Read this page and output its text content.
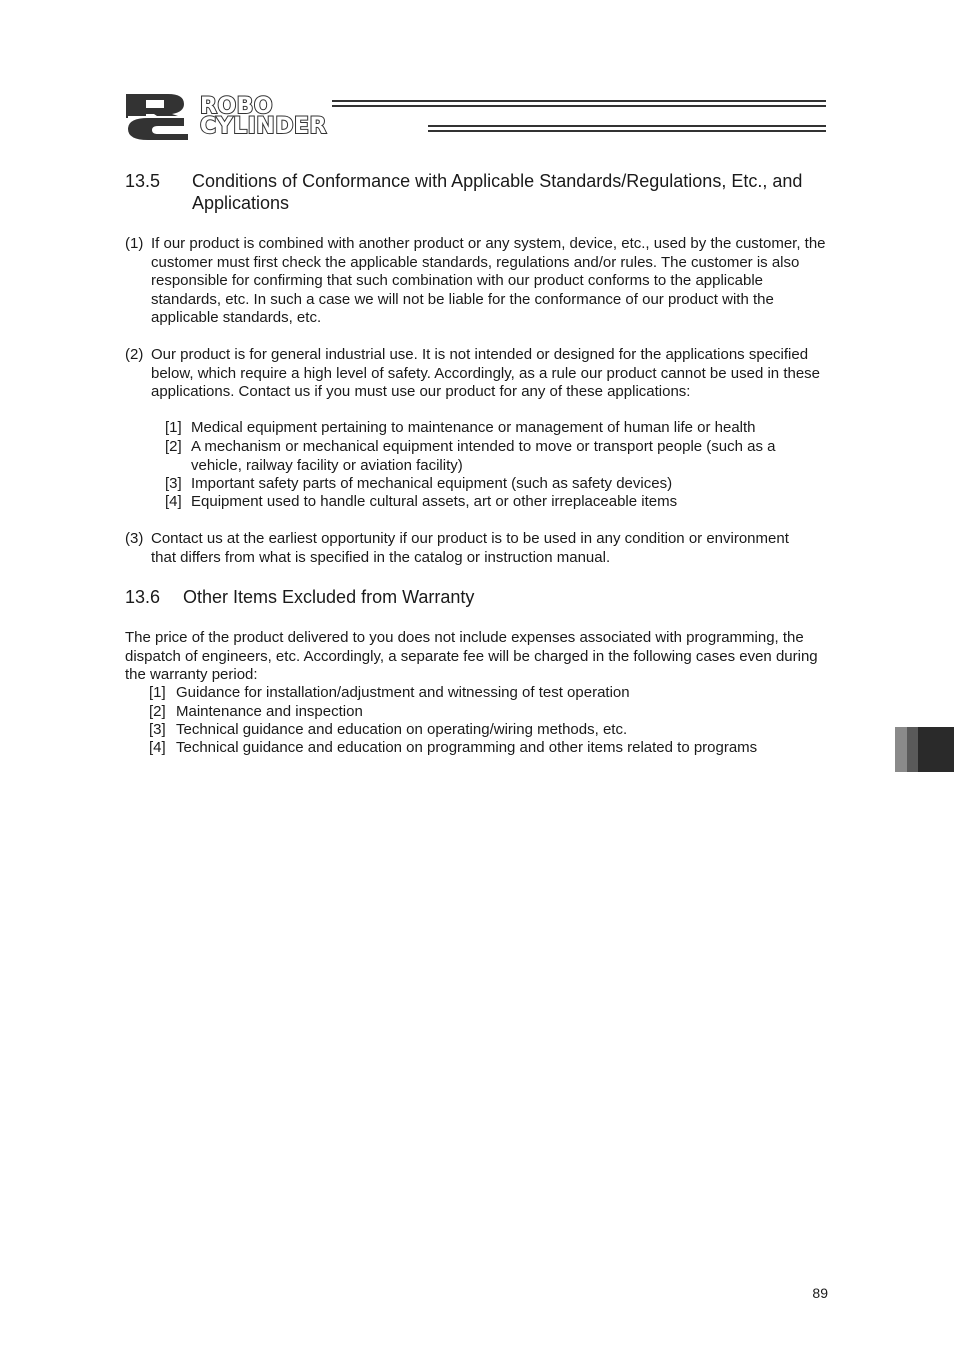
ROBO
CYLINDER
13.5 Conditions of Conformance with Applicable Standards/Regulations, Etc., and Applications
(1) If our product is combined with another product or any system, device, etc., used by the customer, the customer must first check the applicable standards, regulations and/or rules. The customer is also responsible for confirming that such combination with our product conforms to the applicable standards, etc. In such a case we will not be liable for the conformance of our product with the applicable standards, etc.
(2) Our product is for general industrial use. It is not intended or designed for the applications specified below, which require a high level of safety. Accordingly, as a rule our product cannot be used in these applications. Contact us if you must use our product for any of these applications:
[1] Medical equipment pertaining to maintenance or management of human life or health
[2] A mechanism or mechanical equipment intended to move or transport people (such as a vehicle, railway facility or aviation facility)
[3] Important safety parts of mechanical equipment (such as safety devices)
[4] Equipment used to handle cultural assets, art or other irreplaceable items
(3) Contact us at the earliest opportunity if our product is to be used in any condition or environment that differs from what is specified in the catalog or instruction manual.
13.6 Other Items Excluded from Warranty
The price of the product delivered to you does not include expenses associated with programming, the dispatch of engineers, etc. Accordingly, a separate fee will be charged in the following cases even during the warranty period:
[1] Guidance for installation/adjustment and witnessing of test operation
[2] Maintenance and inspection
[3] Technical guidance and education on operating/wiring methods, etc.
[4] Technical guidance and education on programming and other items related to programs
89
